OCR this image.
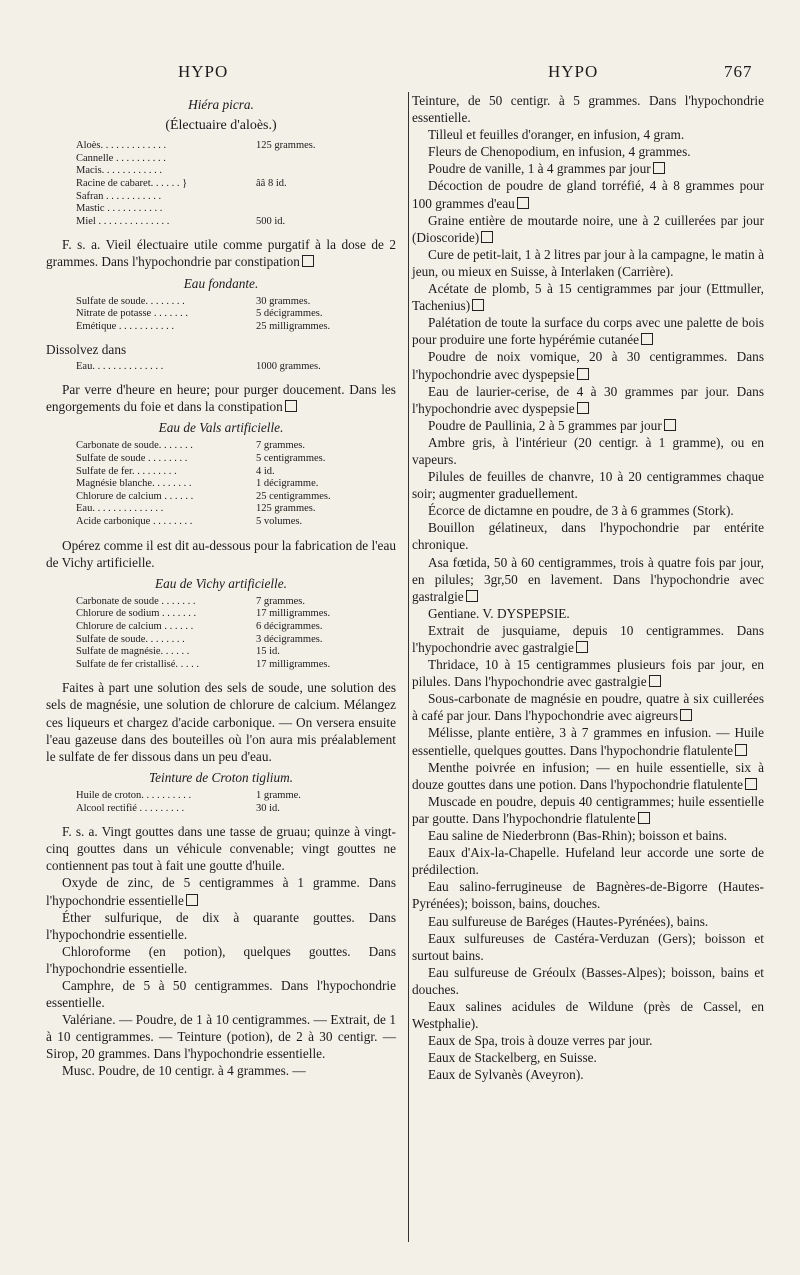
HYPO	HYPO	767
Hiéra picra.
(Électuaire d'aloès.)
Aloès. . . . . . . . . . . . .	125 grammes.
Cannelle . . . . . . . . . .
Macis. . . . . . . . . . . .
Racine de cabaret. . . . . . }	ââ 8 id.
Safran . . . . . . . . . . .
Mastic . . . . . . . . . . .
Miel . . . . . . . . . . . . . .	500 id.

F. s. a. Vieil électuaire utile comme purgatif à la dose de 2 grammes. Dans l'hypochondrie par constipation

Eau fondante.
Sulfate de soude. . . . . . . .	30 grammes.
Nitrate de potasse . . . . . . .	5 décigrammes.
Émétique . . . . . . . . . . .	25 milligrammes.

Dissolvez dans

Eau. . . . . . . . . . . . . .	1000 grammes.

Par verre d'heure en heure; pour purger doucement. Dans les engorgements du foie et dans la constipation

Eau de Vals artificielle.
Carbonate de soude. . . . . . .	7 grammes.
Sulfate de soude . . . . . . . .	5 centigrammes.
Sulfate de fer. . . . . . . . .	4 id.
Magnésie blanche. . . . . . . .	1 décigramme.
Chlorure de calcium . . . . . .	25 centigrammes.
Eau. . . . . . . . . . . . . .	125 grammes.
Acide carbonique . . . . . . . .	5 volumes.

Opérez comme il est dit au-dessous pour la fabrication de l'eau de Vichy artificielle.

Eau de Vichy artificielle.
Carbonate de soude . . . . . . .	7 grammes.
Chlorure de sodium . . . . . . .	17 milligrammes.
Chlorure de calcium . . . . . .	6 décigrammes.
Sulfate de soude. . . . . . . .	3 décigrammes.
Sulfate de magnésie. . . . . .	15 id.
Sulfate de fer cristallisé. . . . .	17 milligrammes.

Faites à part une solution des sels de soude, une solution des sels de magnésie, une solution de chlorure de calcium. Mélangez ces liqueurs et chargez d'acide carbonique. — On versera ensuite l'eau gazeuse dans des bouteilles où l'on aura mis préalablement le sulfate de fer dissous dans un peu d'eau.

Teinture de Croton tiglium.
Huile de croton. . . . . . . . . .	1 gramme.
Alcool rectifié . . . . . . . . .	30 id.

F. s. a. Vingt gouttes dans une tasse de gruau; quinze à vingt-cinq gouttes dans un véhicule convenable; vingt gouttes ne contiennent pas tout à fait une goutte d'huile.

Oxyde de zinc, de 5 centigrammes à 1 gramme. Dans l'hypochondrie essentielle

Éther sulfurique, de dix à quarante gouttes. Dans l'hypochondrie essentielle.

Chloroforme (en potion), quelques gouttes. Dans l'hypochondrie essentielle.

Camphre, de 5 à 50 centigrammes. Dans l'hypochondrie essentielle.

Valériane. — Poudre, de 1 à 10 centigrammes. — Extrait, de 1 à 10 centigrammes. — Teinture (potion), de 2 à 30 centigr. — Sirop, 20 grammes. Dans l'hypochondrie essentielle.

Musc. Poudre, de 10 centigr. à 4 grammes. —

Teinture, de 50 centigr. à 5 grammes. Dans l'hypochondrie essentielle.

Tilleul et feuilles d'oranger, en infusion, 4 gram.

Fleurs de Chenopodium, en infusion, 4 grammes.

Poudre de vanille, 1 à 4 grammes par jour

Décoction de poudre de gland torréfié, 4 à 8 grammes pour 100 grammes d'eau

Graine entière de moutarde noire, une à 2 cuillerées par jour (Dioscoride)

Cure de petit-lait, 1 à 2 litres par jour à la campagne, le matin à jeun, ou mieux en Suisse, à Interlaken (Carrière).

Acétate de plomb, 5 à 15 centigrammes par jour (Ettmuller, Tachenius)

Palétation de toute la surface du corps avec une palette de bois pour produire une forte hypérémie cutanée

Poudre de noix vomique, 20 à 30 centigrammes. Dans l'hypochondrie avec dyspepsie

Eau de laurier-cerise, de 4 à 30 grammes par jour. Dans l'hypochondrie avec dyspepsie

Poudre de Paullinia, 2 à 5 grammes par jour

Ambre gris, à l'intérieur (20 centigr. à 1 gramme), ou en vapeurs.

Pilules de feuilles de chanvre, 10 à 20 centigrammes chaque soir; augmenter graduellement.

Écorce de dictamne en poudre, de 3 à 6 grammes (Stork).

Bouillon gélatineux, dans l'hypochondrie par entérite chronique.

Asa fœtida, 50 à 60 centigrammes, trois à quatre fois par jour, en pilules; 3gr,50 en lavement. Dans l'hypochondrie avec gastralgie

Gentiane. V. DYSPEPSIE.

Extrait de jusquiame, depuis 10 centigrammes. Dans l'hypochondrie avec gastralgie

Thridace, 10 à 15 centigrammes plusieurs fois par jour, en pilules. Dans l'hypochondrie avec gastralgie

Sous-carbonate de magnésie en poudre, quatre à six cuillerées à café par jour. Dans l'hypochondrie avec aigreurs

Mélisse, plante entière, 3 à 7 grammes en infusion. — Huile essentielle, quelques gouttes. Dans l'hypochondrie flatulente

Menthe poivrée en infusion; — en huile essentielle, six à douze gouttes dans une potion. Dans l'hypochondrie flatulente

Muscade en poudre, depuis 40 centigrammes; huile essentielle par goutte. Dans l'hypochondrie flatulente

Eau saline de Niederbronn (Bas-Rhin); boisson et bains.

Eaux d'Aix-la-Chapelle. Hufeland leur accorde une sorte de prédilection.

Eau salino-ferrugineuse de Bagnères-de-Bigorre (Hautes-Pyrénées); boisson, bains, douches.

Eau sulfureuse de Baréges (Hautes-Pyrénées), bains.

Eaux sulfureuses de Castéra-Verduzan (Gers); boisson et surtout bains.

Eau sulfureuse de Gréoulx (Basses-Alpes); boisson, bains et douches.

Eaux salines acidules de Wildune (près de Cassel, en Westphalie).

Eaux de Spa, trois à douze verres par jour.

Eaux de Stackelberg, en Suisse.

Eaux de Sylvanès (Aveyron).
